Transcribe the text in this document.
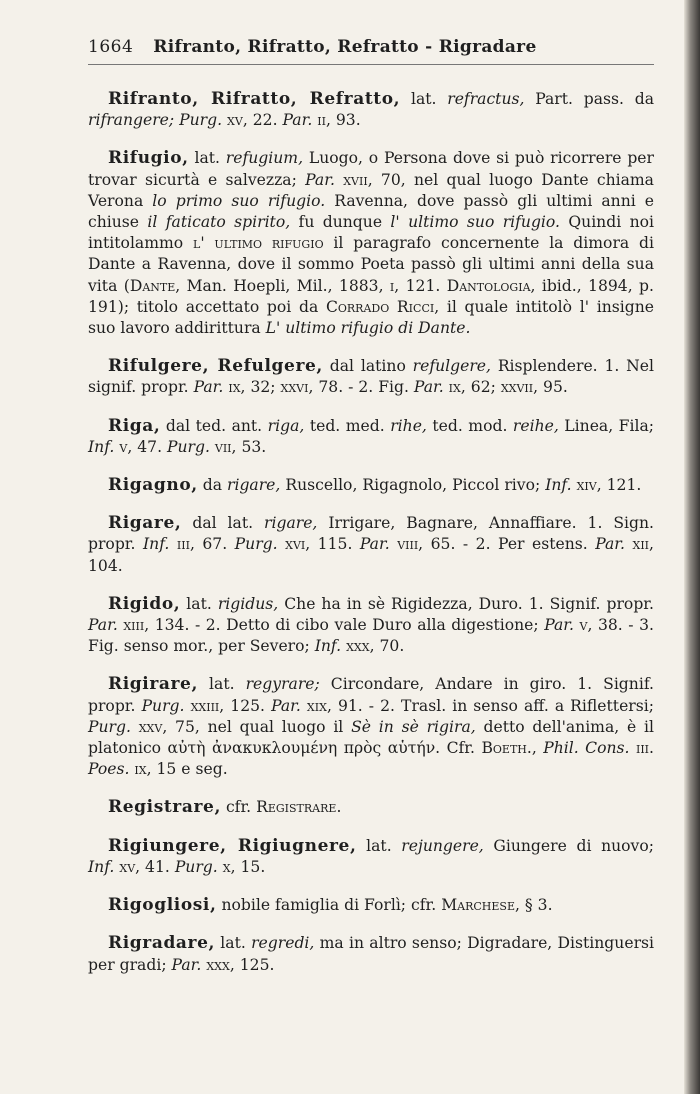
1664 Rifranto, Rifratto, Refratto - Rigradare

Rifranto, Rifratto, Refratto, lat. refractus, Part. pass. da rifrangere; Purg. xv, 22. Par. ii, 93.

Rifugio, lat. refugium, Luogo, o Persona dove si può ricorrere per trovar sicurtà e salvezza; Par. xvii, 70, nel qual luogo Dante chiama Verona lo primo suo rifugio. Ravenna, dove passò gli ultimi anni e chiuse il faticato spirito, fu dunque l' ultimo suo rifugio. Quindi noi intitolammo l' ultimo rifugio il paragrafo concernente la dimora di Dante a Ravenna, dove il sommo Poeta passò gli ultimi anni della sua vita (Dante, Man. Hoepli, Mil., 1883, i, 121. Dantologia, ibid., 1894, p. 191); titolo accettato poi da Corrado Ricci, il quale intitolò l' insigne suo lavoro addirittura L' ultimo rifugio di Dante.

Rifulgere, Refulgere, dal latino refulgere, Risplendere. 1. Nel signif. propr. Par. ix, 32; xxvi, 78. - 2. Fig. Par. ix, 62; xxvii, 95.

Riga, dal ted. ant. riga, ted. med. rihe, ted. mod. reihe, Linea, Fila; Inf. v, 47. Purg. vii, 53.

Rigagno, da rigare, Ruscello, Rigagnolo, Piccol rivo; Inf. xiv, 121.

Rigare, dal lat. rigare, Irrigare, Bagnare, Annaffiare. 1. Sign. propr. Inf. iii, 67. Purg. xvi, 115. Par. viii, 65. - 2. Per estens. Par. xii, 104.

Rigido, lat. rigidus, Che ha in sè Rigidezza, Duro. 1. Signif. propr. Par. xiii, 134. - 2. Detto di cibo vale Duro alla digestione; Par. v, 38. - 3. Fig. senso mor., per Severo; Inf. xxx, 70.

Rigirare, lat. regyrare; Circondare, Andare in giro. 1. Signif. propr. Purg. xxiii, 125. Par. xix, 91. - 2. Trasl. in senso aff. a Riflettersi; Purg. xxv, 75, nel qual luogo il Sè in sè rigira, detto dell'anima, è il platonico αὐτὴ ἀνακυκλουμένη πρὸς αὑτήν. Cfr. Boeth., Phil. Cons. iii. Poes. ix, 15 e seg.

Registrare, cfr. Registrare.

Rigiungere, Rigiugnere, lat. rejungere, Giungere di nuovo; Inf. xv, 41. Purg. x, 15.

Rigogliosi, nobile famiglia di Forlì; cfr. Marchese, § 3.

Rigradare, lat. regredi, ma in altro senso; Digradare, Distinguersi per gradi; Par. xxx, 125.
